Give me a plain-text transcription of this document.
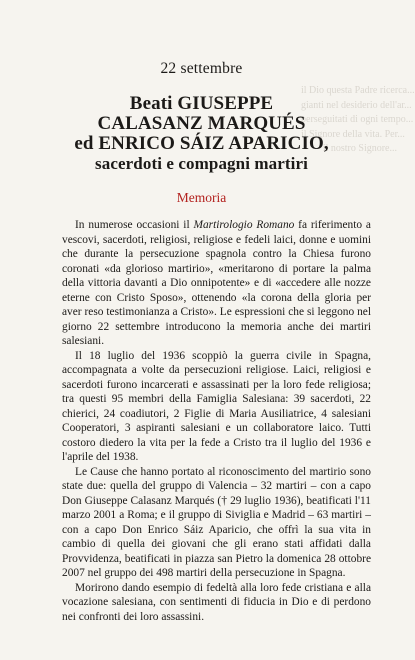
il Dio questa Padre ricerca...
gianti nel desiderio dell'ar...
perseguitati di ogni tempo...
il Signore della vita. Per...
il nostro Signore...
22 settembre
Beati GIUSEPPE
CALASANZ MARQUÉS
ed ENRICO SÁIZ APARICIO,
sacerdoti e compagni martiri
Memoria

In numerose occasioni il Martirologio Romano fa riferimento a vescovi, sacerdoti, religiosi, religiose e fedeli laici, donne e uomini che durante la persecuzione spagnola contro la Chiesa furono coronati «da glorioso martirio», «meritarono di portare la palma della vittoria davanti a Dio onnipotente» e di «accedere alle nozze eterne con Cristo Sposo», ottenendo «la corona della gloria per aver reso testimonianza a Cristo». Le espressioni che si leggono nel giorno 22 settembre introducono la memoria anche dei martiri salesiani.

Il 18 luglio del 1936 scoppiò la guerra civile in Spagna, accompagnata a volte da persecuzioni religiose. Laici, religiosi e sacerdoti furono incarcerati e assassinati per la loro fede religiosa; tra questi 95 membri della Famiglia Salesiana: 39 sacerdoti, 22 chierici, 24 coadiutori, 2 Figlie di Maria Ausiliatrice, 4 salesiani Cooperatori, 3 aspiranti salesiani e un collaboratore laico. Tutti costoro diedero la vita per la fede a Cristo tra il luglio del 1936 e l'aprile del 1938.

Le Cause che hanno portato al riconoscimento del martirio sono state due: quella del gruppo di Valencia – 32 martiri – con a capo Don Giuseppe Calasanz Marqués († 29 luglio 1936), beatificati l'11 marzo 2001 a Roma; e il gruppo di Siviglia e Madrid – 63 martiri – con a capo Don Enrico Sáiz Aparicio, che offrì la sua vita in cambio di quella dei giovani che gli erano stati affidati dalla Provvidenza, beatificati in piazza san Pietro la domenica 28 ottobre 2007 nel gruppo dei 498 martiri della persecuzione in Spagna.

Morirono dando esempio di fedeltà alla loro fede cristiana e alla vocazione salesiana, con sentimenti di fiducia in Dio e di perdono nei confronti dei loro assassini.
